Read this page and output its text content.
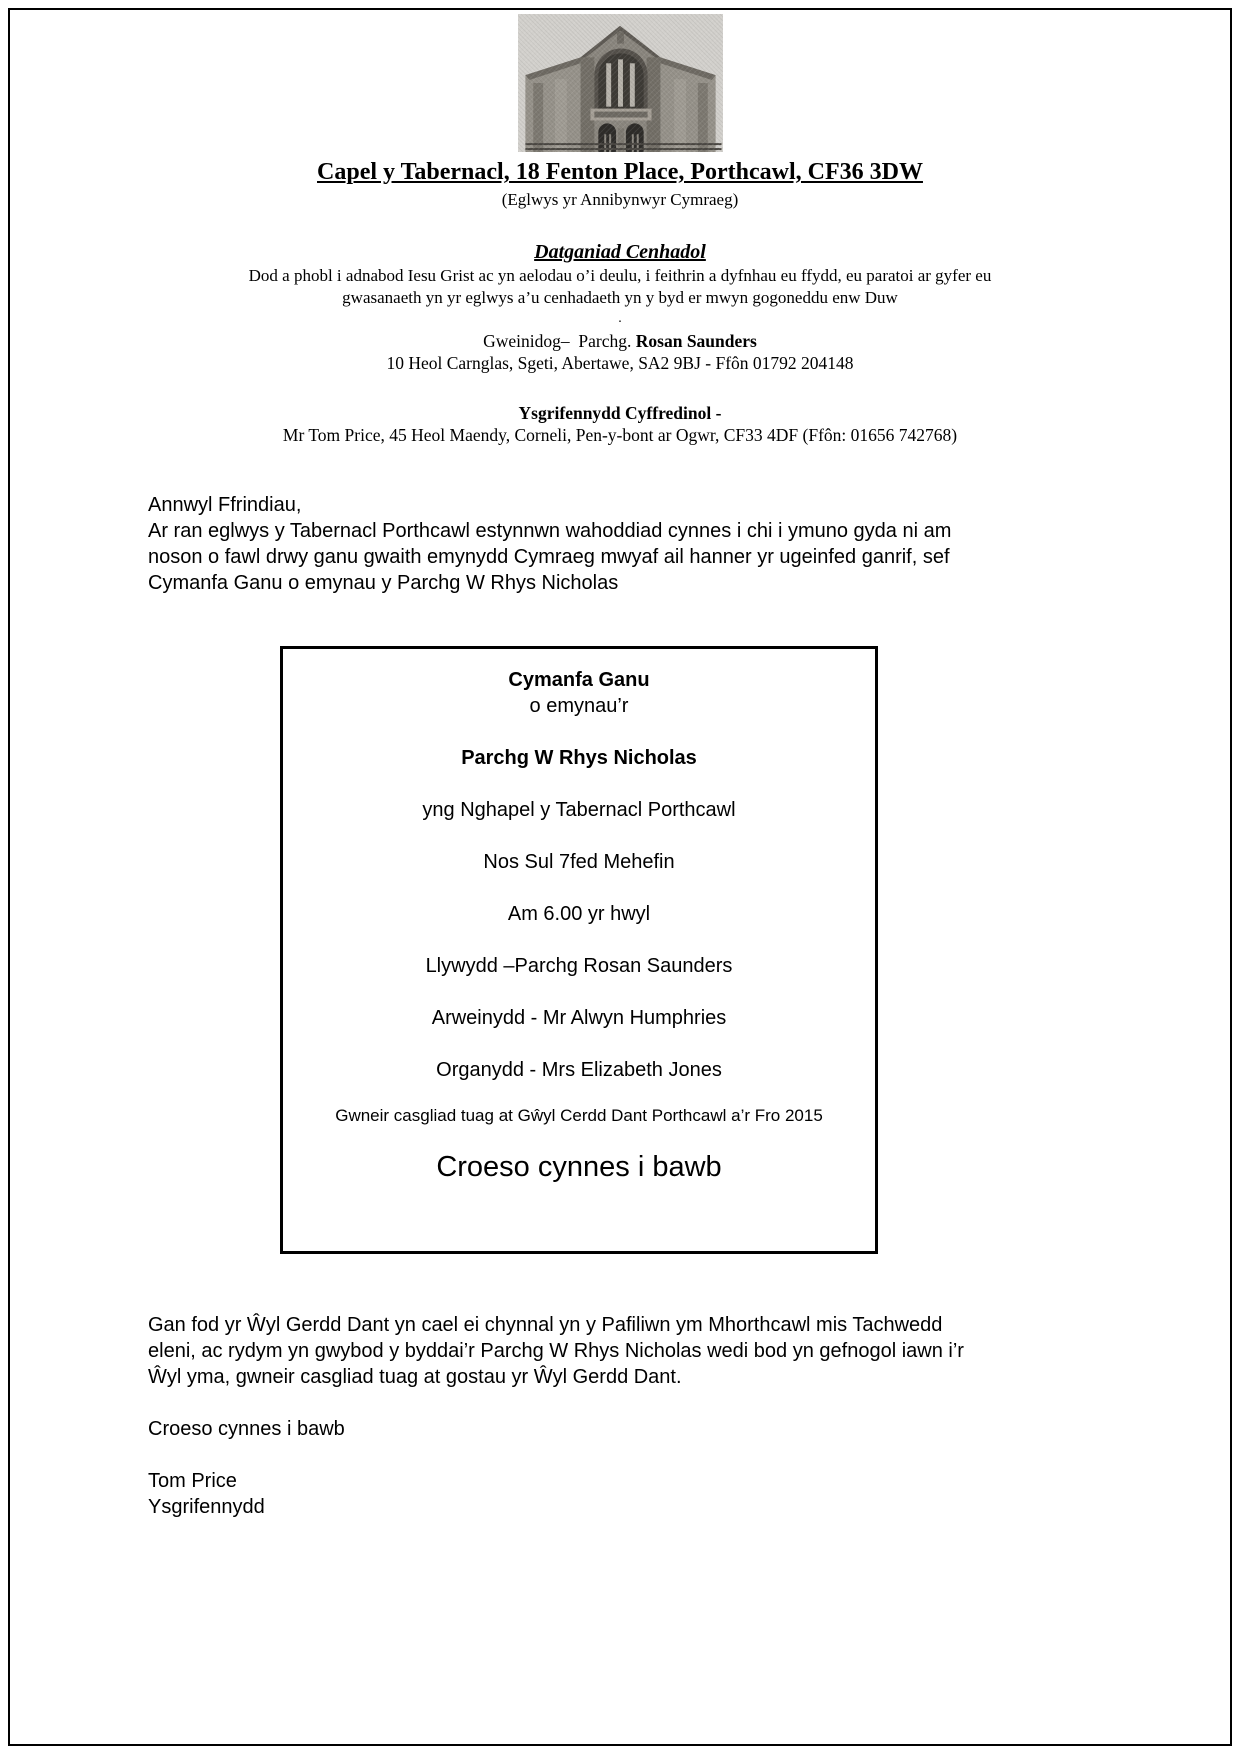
Capel y Tabernacl, 18 Fenton Place, Porthcawl, CF36 3DW
(Eglwys yr Annibynwyr Cymraeg)
Datganiad Cenhadol
Dod a phobl i adnabod Iesu Grist ac yn aelodau o’i deulu, i feithrin a dyfnhau eu ffydd, eu paratoi ar gyfer eu
gwasanaeth yn yr eglwys a’u cenhadaeth yn y byd er mwyn gogoneddu enw Duw
.
Gweinidog–  Parchg. Rosan Saunders
10 Heol Carnglas, Sgeti, Abertawe, SA2 9BJ - Ffôn 01792 204148
Ysgrifennydd Cyffredinol -
Mr Tom Price, 45 Heol Maendy, Corneli, Pen-y-bont ar Ogwr, CF33 4DF (Ffôn: 01656 742768)
Annwyl Ffrindiau,
Ar ran eglwys y Tabernacl Porthcawl estynnwn wahoddiad cynnes i chi i ymuno gyda ni am noson o fawl drwy ganu gwaith emynydd Cymraeg mwyaf ail hanner yr ugeinfed ganrif, sef Cymanfa Ganu o emynau y Parchg W Rhys Nicholas
Cymanfa Ganu
o emynau’r
Parchg W Rhys Nicholas
yng Nghapel y Tabernacl Porthcawl
Nos Sul 7fed Mehefin
Am 6.00 yr hwyl
Llywydd –Parchg Rosan Saunders
Arweinydd - Mr Alwyn Humphries
Organydd - Mrs Elizabeth Jones
Gwneir casgliad tuag at Gŵyl Cerdd Dant Porthcawl a’r Fro 2015
Croeso cynnes i bawb
Gan fod yr Ŵyl Gerdd Dant yn cael ei chynnal yn y Pafiliwn ym Mhorthcawl mis Tachwedd eleni, ac rydym yn gwybod y byddai’r Parchg W Rhys Nicholas wedi bod yn gefnogol iawn i’r Ŵyl yma, gwneir casgliad tuag at gostau yr Ŵyl Gerdd Dant.
Croeso cynnes i bawb
Tom Price
Ysgrifennydd
